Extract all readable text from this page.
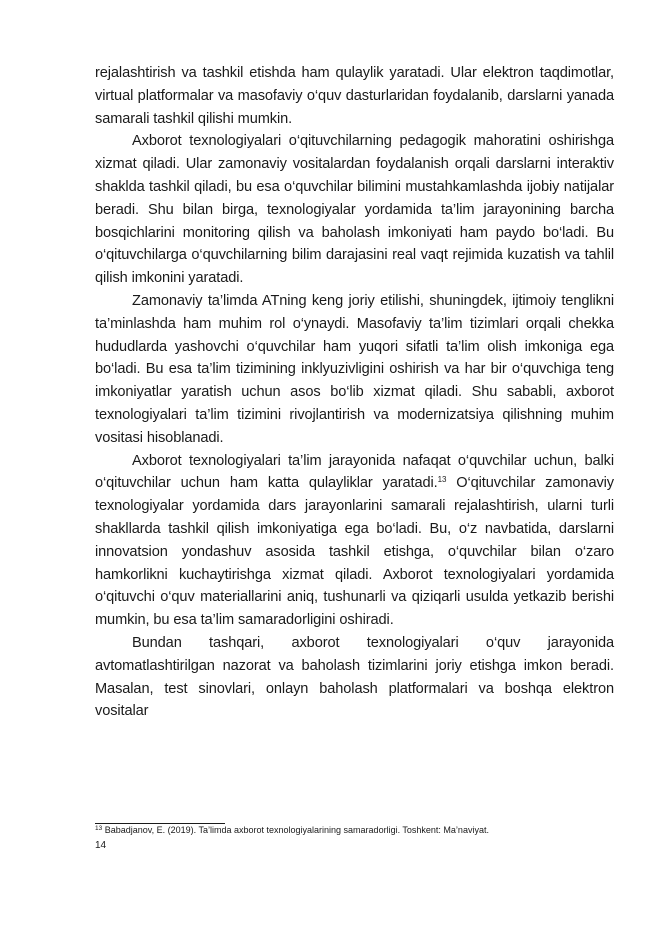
rejalashtirish va tashkil etishda ham qulaylik yaratadi. Ular elektron taqdimotlar, virtual platformalar va masofaviy o‘quv dasturlaridan foydalanib, darslarni yanada samarali tashkil qilishi mumkin.

Axborot texnologiyalari o‘qituvchilarning pedagogik mahoratini oshirishga xizmat qiladi. Ular zamonaviy vositalardan foydalanish orqali darslarni interaktiv shaklda tashkil qiladi, bu esa o‘quvchilar bilimini mustahkamlashda ijobiy natijalar beradi. Shu bilan birga, texnologiyalar yordamida ta’lim jarayonining barcha bosqichlarini monitoring qilish va baholash imkoniyati ham paydo bo‘ladi. Bu o‘qituvchilarga o‘quvchilarning bilim darajasini real vaqt rejimida kuzatish va tahlil qilish imkonini yaratadi.

Zamonaviy ta’limda ATning keng joriy etilishi, shuningdek, ijtimoiy tenglikni ta’minlashda ham muhim rol o‘ynaydi. Masofaviy ta’lim tizimlari orqali chekka hududlarda yashovchi o‘quvchilar ham yuqori sifatli ta’lim olish imkoniga ega bo‘ladi. Bu esa ta’lim tizimining inklyuzivligini oshirish va har bir o‘quvchiga teng imkoniyatlar yaratish uchun asos bo‘lib xizmat qiladi. Shu sababli, axborot texnologiyalari ta’lim tizimini rivojlantirish va modernizatsiya qilishning muhim vositasi hisoblanadi.

Axborot texnologiyalari ta’lim jarayonida nafaqat o‘quvchilar uchun, balki o‘qituvchilar uchun ham katta qulayliklar yaratadi.$^{13}$ O‘qituvchilar zamonaviy texnologiyalar yordamida dars jarayonlarini samarali rejalashtirish, ularni turli shakllarda tashkil qilish imkoniyatiga ega bo‘ladi. Bu, o‘z navbatida, darslarni innovatsion yondashuv asosida tashkil etishga, o‘quvchilar bilan o‘zaro hamkorlikni kuchaytirishga xizmat qiladi. Axborot texnologiyalari yordamida o‘qituvchi o‘quv materiallarini aniq, tushunarli va qiziqarli usulda yetkazib berishi mumkin, bu esa ta’lim samaradorligini oshiradi.

Bundan tashqari, axborot texnologiyalari o‘quv jarayonida avtomatlashtirilgan nazorat va baholash tizimlarini joriy etishga imkon beradi. Masalan, test sinovlari, onlayn baholash platformalari va boshqa elektron vositalar

$^{13}$ Babadjanov, E. (2019). Ta’limda axborot texnologiyalarining samaradorligi. Toshkent: Ma’naviyat.
14
